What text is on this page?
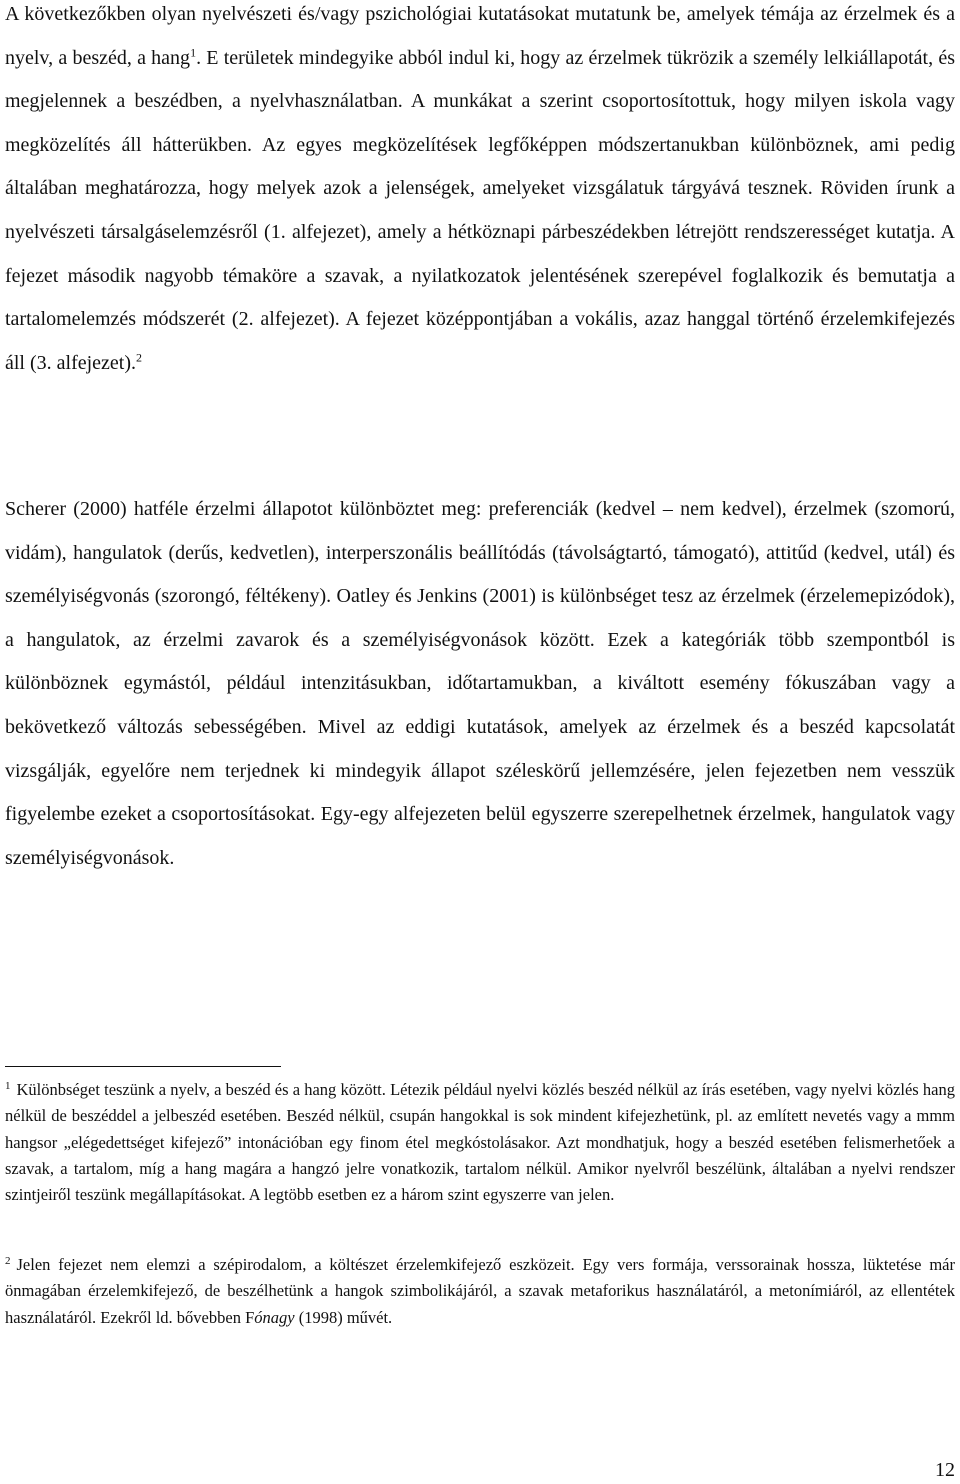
A következőkben olyan nyelvészeti és/vagy pszichológiai kutatásokat mutatunk be, amelyek témája az érzelmek és a nyelv, a beszéd, a hang$^1$. E területek mindegyike abból indul ki, hogy az érzelmek tükrözik a személy lelkiállapotát, és megjelennek a beszédben, a nyelvhasználatban. A munkákat a szerint csoportosítottuk, hogy milyen iskola vagy megközelítés áll hátterükben. Az egyes megközelítések legfőképpen módszertanukban különböznek, ami pedig általában meghatározza, hogy melyek azok a jelenségek, amelyeket vizsgálatuk tárgyává tesznek. Röviden írunk a nyelvészeti társalgáselemzésről (1. alfejezet), amely a hétköznapi párbeszédekben létrejött rendszerességet kutatja. A fejezet második nagyobb témaköre a szavak, a nyilatkozatok jelentésének szerepével foglalkozik és bemutatja a tartalomelemzés módszerét (2. alfejezet). A fejezet középpontjában a vokális, azaz hanggal történő érzelemkifejezés áll (3. alfejezet).$^2$

Scherer (2000) hatféle érzelmi állapotot különböztet meg: preferenciák (kedvel – nem kedvel), érzelmek (szomorú, vidám), hangulatok (derűs, kedvetlen), interperszonális beállítódás (távolságtartó, támogató), attitűd (kedvel, utál) és személyiségvonás (szorongó, féltékeny). Oatley és Jenkins (2001) is különbséget tesz az érzelmek (érzelemepizódok), a hangulatok, az érzelmi zavarok és a személyiségvonások között. Ezek a kategóriák több szempontból is különböznek egymástól, például intenzitásukban, időtartamukban, a kiváltott esemény fókuszában vagy a bekövetkező változás sebességében. Mivel az eddigi kutatások, amelyek az érzelmek és a beszéd kapcsolatát vizsgálják, egyelőre nem terjednek ki mindegyik állapot széleskörű jellemzésére, jelen fejezetben nem vesszük figyelembe ezeket a csoportosításokat. Egy-egy alfejezeten belül egyszerre szerepelhetnek érzelmek, hangulatok vagy személyiségvonások.

$^1$ Különbséget teszünk a nyelv, a beszéd és a hang között. Létezik például nyelvi közlés beszéd nélkül az írás esetében, vagy nyelvi közlés hang nélkül de beszéddel a jelbeszéd esetében. Beszéd nélkül, csupán hangokkal is sok mindent kifejezhetünk, pl. az említett nevetés vagy a mmm hangsor „elégedettséget kifejező” intonációban egy finom étel megkóstolásakor. Azt mondhatjuk, hogy a beszéd esetében felismerhetőek a szavak, a tartalom, míg a hang magára a hangzó jelre vonatkozik, tartalom nélkül. Amikor nyelvről beszélünk, általában a nyelvi rendszer szintjeiről teszünk megállapításokat. A legtöbb esetben ez a három szint egyszerre van jelen.

$^2$ Jelen fejezet nem elemzi a szépirodalom, a költészet érzelemkifejező eszközeit. Egy vers formája, verssorainak hossza, lüktetése már önmagában érzelemkifejező, de beszélhetünk a hangok szimbolikájáról, a szavak metaforikus használatáról, a metonímiáról, az ellentétek használatáról. Ezekről ld. bővebben Fónagy (1998) művét.

12
